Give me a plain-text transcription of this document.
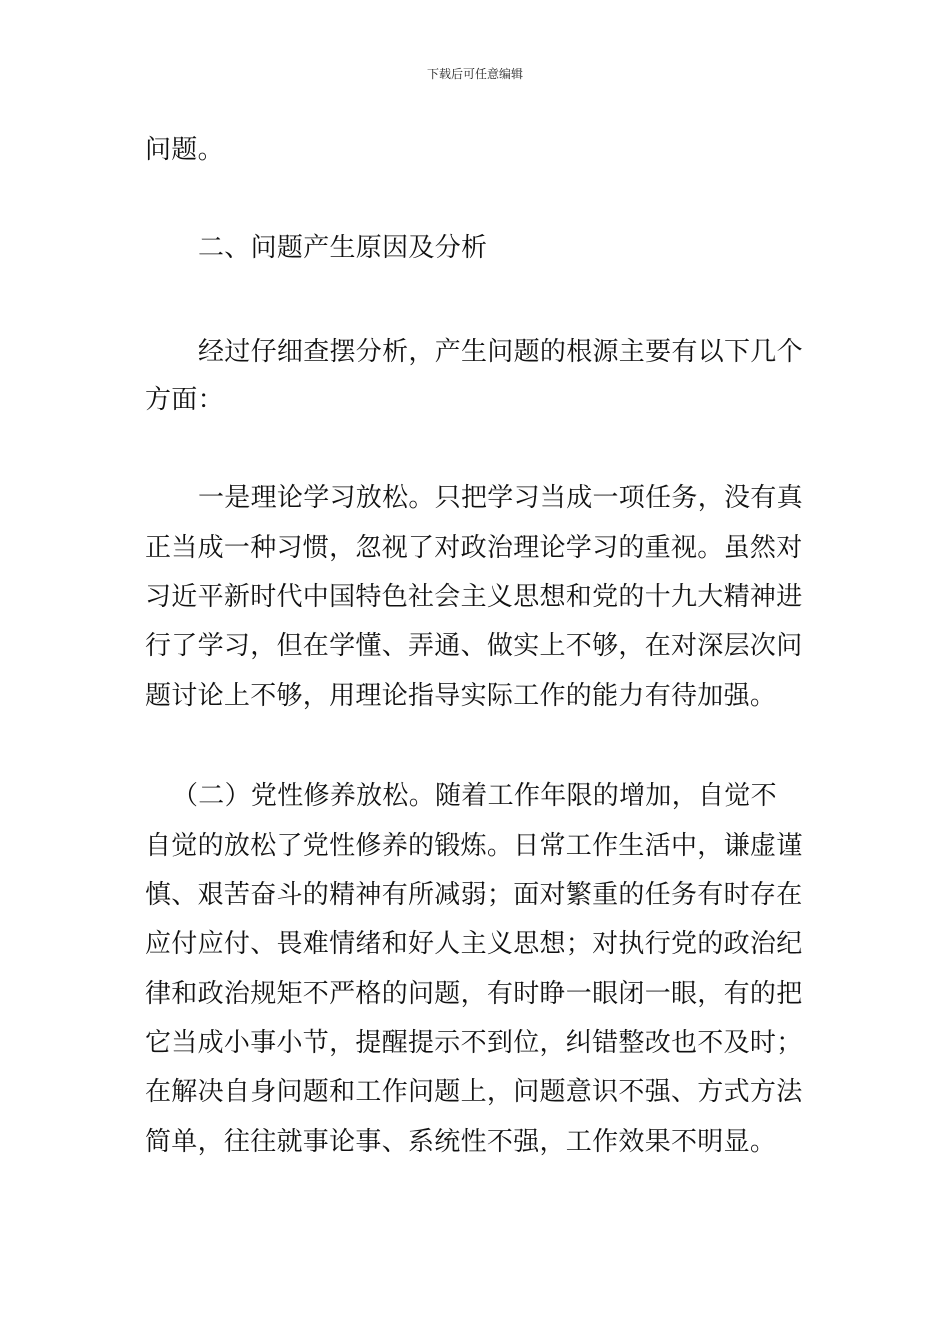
下载后可任意编辑
问题。
二、问题产生原因及分析
经过仔细查摆分析，产生问题的根源主要有以下几个
方面：
一是理论学习放松。只把学习当成一项任务，没有真
正当成一种习惯，忽视了对政治理论学习的重视。虽然对
习近平新时代中国特色社会主义思想和党的十九大精神进
行了学习，但在学懂、弄通、做实上不够，在对深层次问
题讨论上不够，用理论指导实际工作的能力有待加强。
（二）党性修养放松。随着工作年限的增加，自觉不
自觉的放松了党性修养的锻炼。日常工作生活中，谦虚谨
慎、艰苦奋斗的精神有所减弱；面对繁重的任务有时存在
应付应付、畏难情绪和好人主义思想；对执行党的政治纪
律和政治规矩不严格的问题，有时睁一眼闭一眼，有的把
它当成小事小节，提醒提示不到位，纠错整改也不及时；
在解决自身问题和工作问题上，问题意识不强、方式方法
简单，往往就事论事、系统性不强，工作效果不明显。
